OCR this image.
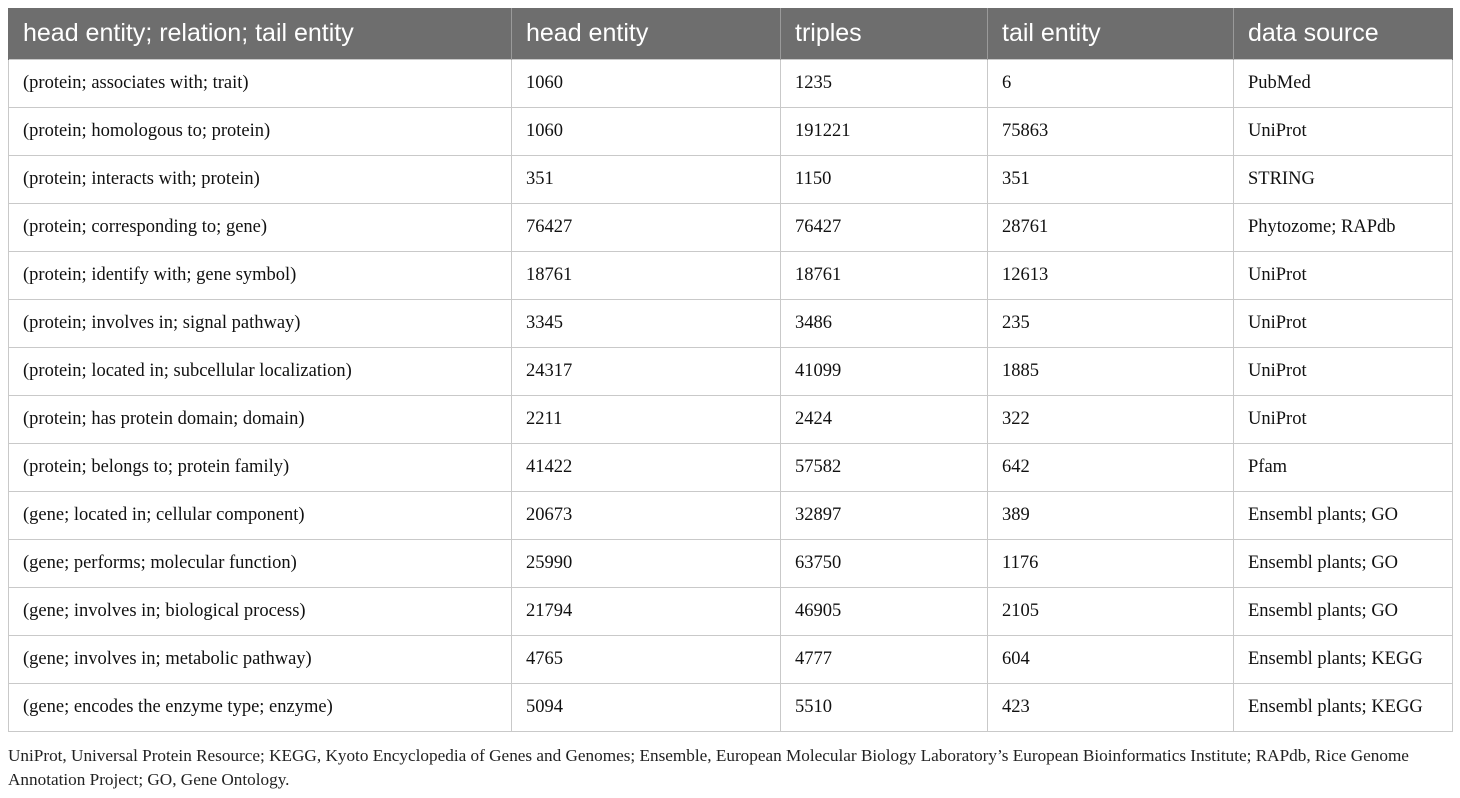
head entity; relation; tail entity	head entity	triples	tail entity	data source
(protein; associates with; trait)	1060	1235	6	PubMed
(protein; homologous to; protein)	1060	191221	75863	UniProt
(protein; interacts with; protein)	351	1150	351	STRING
(protein; corresponding to; gene)	76427	76427	28761	Phytozome; RAPdb
(protein; identify with; gene symbol)	18761	18761	12613	UniProt
(protein; involves in; signal pathway)	3345	3486	235	UniProt
(protein; located in; subcellular localization)	24317	41099	1885	UniProt
(protein; has protein domain; domain)	2211	2424	322	UniProt
(protein; belongs to; protein family)	41422	57582	642	Pfam
(gene; located in; cellular component)	20673	32897	389	Ensembl plants; GO
(gene; performs; molecular function)	25990	63750	1176	Ensembl plants; GO
(gene; involves in; biological process)	21794	46905	2105	Ensembl plants; GO
(gene; involves in; metabolic pathway)	4765	4777	604	Ensembl plants; KEGG
(gene; encodes the enzyme type; enzyme)	5094	5510	423	Ensembl plants; KEGG
UniProt, Universal Protein Resource; KEGG, Kyoto Encyclopedia of Genes and Genomes; Ensemble, European Molecular Biology Laboratory’s European Bioinformatics Institute; RAPdb, Rice Genome Annotation Project; GO, Gene Ontology.
